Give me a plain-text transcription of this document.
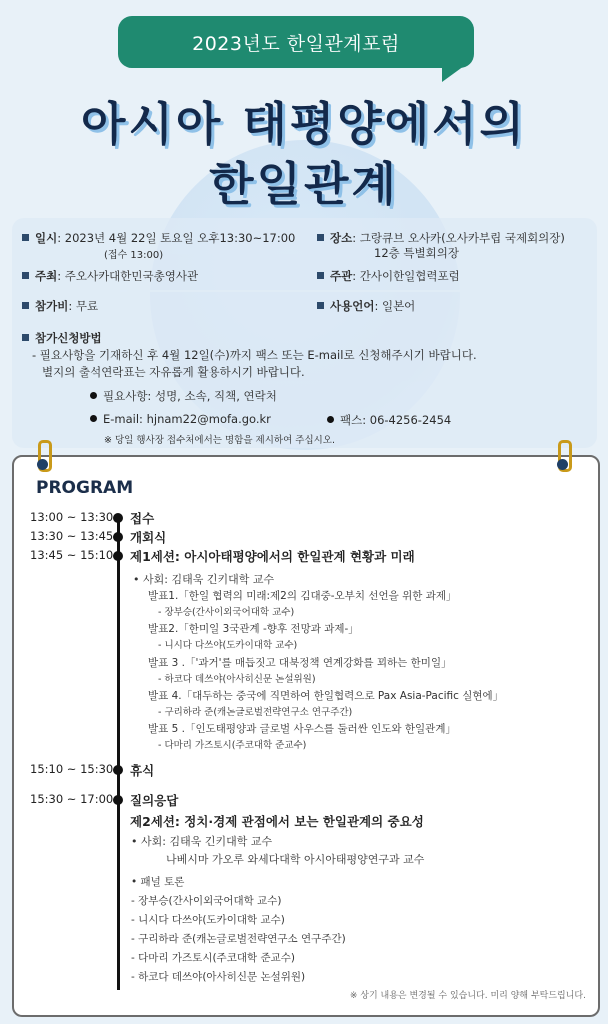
2023년도 한일관계포럼
아시아 태평양에서의
한일관계
일시: 2023년 4월 22일 토요일 오후13:30~17:00
(접수 13:00)
장소: 그랑큐브 오사카(오사카부립 국제회의장)
12층 특별회의장
주최: 주오사카대한민국총영사관	주관: 간사이한일협력포럼
참가비: 무료	사용언어: 일본어
참가신청방법
- 필요사항을 기재하신 후 4월 12일(수)까지 팩스 또는 E-mail로 신청해주시기 바랍니다.
별지의 출석연락표는 자유롭게 활용하시기 바랍니다.
필요사항: 성명, 소속, 직책, 연락처
E-mail: hjnam22@mofa.go.kr	팩스: 06-4256-2454
※ 당일 행사장 접수처에서는 명함을 제시하여 주십시오.
PROGRAM
13:00 ~ 13:30 접수
13:30 ~ 13:45 개회식
13:45 ~ 15:10 제1세션: 아시아태평양에서의 한일관계 현황과 미래
• 사회: 김태욱 긴키대학 교수
발표1.「한일 협력의 미래:제2의 김대중-오부치 선언을 위한 과제」
- 장부승(간사이외국어대학 교수)
발표2.「한미일 3국관계 -향후 전망과 과제-」
- 니시다 다쓰야(도카이대학 교수)
발표 3 .「'과거'를 매듭짓고 대북정책 연계강화를 꾀하는 한미일」
- 하코다 데쓰야(아사히신문 논설위원)
발표 4.「대두하는 중국에 직면하여 한일협력으로 Pax Asia-Pacific 실현에」
- 구리하라 준(캐논글로벌전략연구소 연구주간)
발표 5 .「인도태평양과 글로벌 사우스를 둘러싼 인도와 한일관계」
- 다마리 가즈토시(주코대학 준교수)
15:10 ~ 15:30 휴식
15:30 ~ 17:00 질의응답
제2세션: 정치·경제 관점에서 보는 한일관계의 중요성
• 사회: 김태욱 긴키대학 교수
나베시마 가오루 와세다대학 아시아태평양연구과 교수
• 패널 토론
- 장부승(간사이외국어대학 교수)
- 니시다 다쓰야(도카이대학 교수)
- 구리하라 준(캐논글로벌전략연구소 연구주간)
- 다마리 가즈토시(주코대학 준교수)
- 하코다 데쓰야(아사히신문 논설위원)
※ 상기 내용은 변경될 수 있습니다. 미리 양해 부탁드립니다.
